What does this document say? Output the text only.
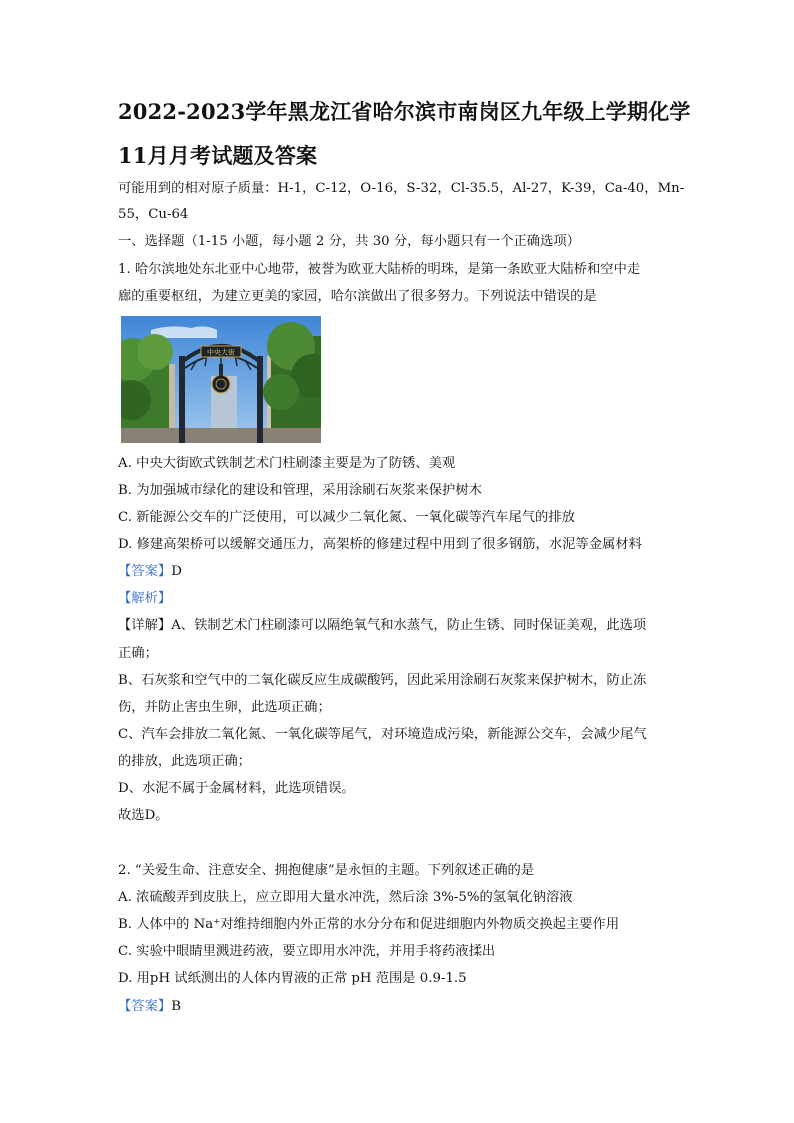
2022-2023学年黑龙江省哈尔滨市南岗区九年级上学期化学
11月月考试题及答案
可能用到的相对原子质量：H-1，C-12，O-16，S-32，Cl-35.5，Al-27，K-39，Ca-40，Mn-
55，Cu-64
一、选择题（1-15 小题，每小题 2 分，共 30 分，每小题只有一个正确选项）
1. 哈尔滨地处东北亚中心地带，被誉为欧亚大陆桥的明珠，是第一条欧亚大陆桥和空中走
廊的重要枢纽，为建立更美的家园，哈尔滨做出了很多努力。下列说法中错误的是
中央大街
A. 中央大街欧式铁制艺术门柱刷漆主要是为了防锈、美观
B. 为加强城市绿化的建设和管理，采用涂刷石灰浆来保护树木
C. 新能源公交车的广泛使用，可以减少二氧化氮、一氧化碳等汽车尾气的排放
D. 修建高架桥可以缓解交通压力，高架桥的修建过程中用到了很多钢筋，水泥等金属材料
【答案】D
【解析】
【详解】A、铁制艺术门柱刷漆可以隔绝氧气和水蒸气，防止生锈、同时保证美观，此选项
正确；
B、石灰浆和空气中的二氧化碳反应生成碳酸钙，因此采用涂刷石灰浆来保护树木，防止冻
伤，并防止害虫生卵，此选项正确；
C、汽车会排放二氧化氮、一氧化碳等尾气，对环境造成污染，新能源公交车，会减少尾气
的排放，此选项正确；
D、水泥不属于金属材料，此选项错误。
故选D。
2. “关爱生命、注意安全、拥抱健康”是永恒的主题。下列叙述正确的是
A. 浓硫酸弄到皮肤上，应立即用大量水冲洗，然后涂 3%-5%的氢氧化钠溶液
B. 人体中的 Na⁺对维持细胞内外正常的水分分布和促进细胞内外物质交换起主要作用
C. 实验中眼睛里溅进药液，要立即用水冲洗，并用手将药液揉出
D. 用pH 试纸测出的人体内胃液的正常 pH 范围是 0.9-1.5
【答案】B
